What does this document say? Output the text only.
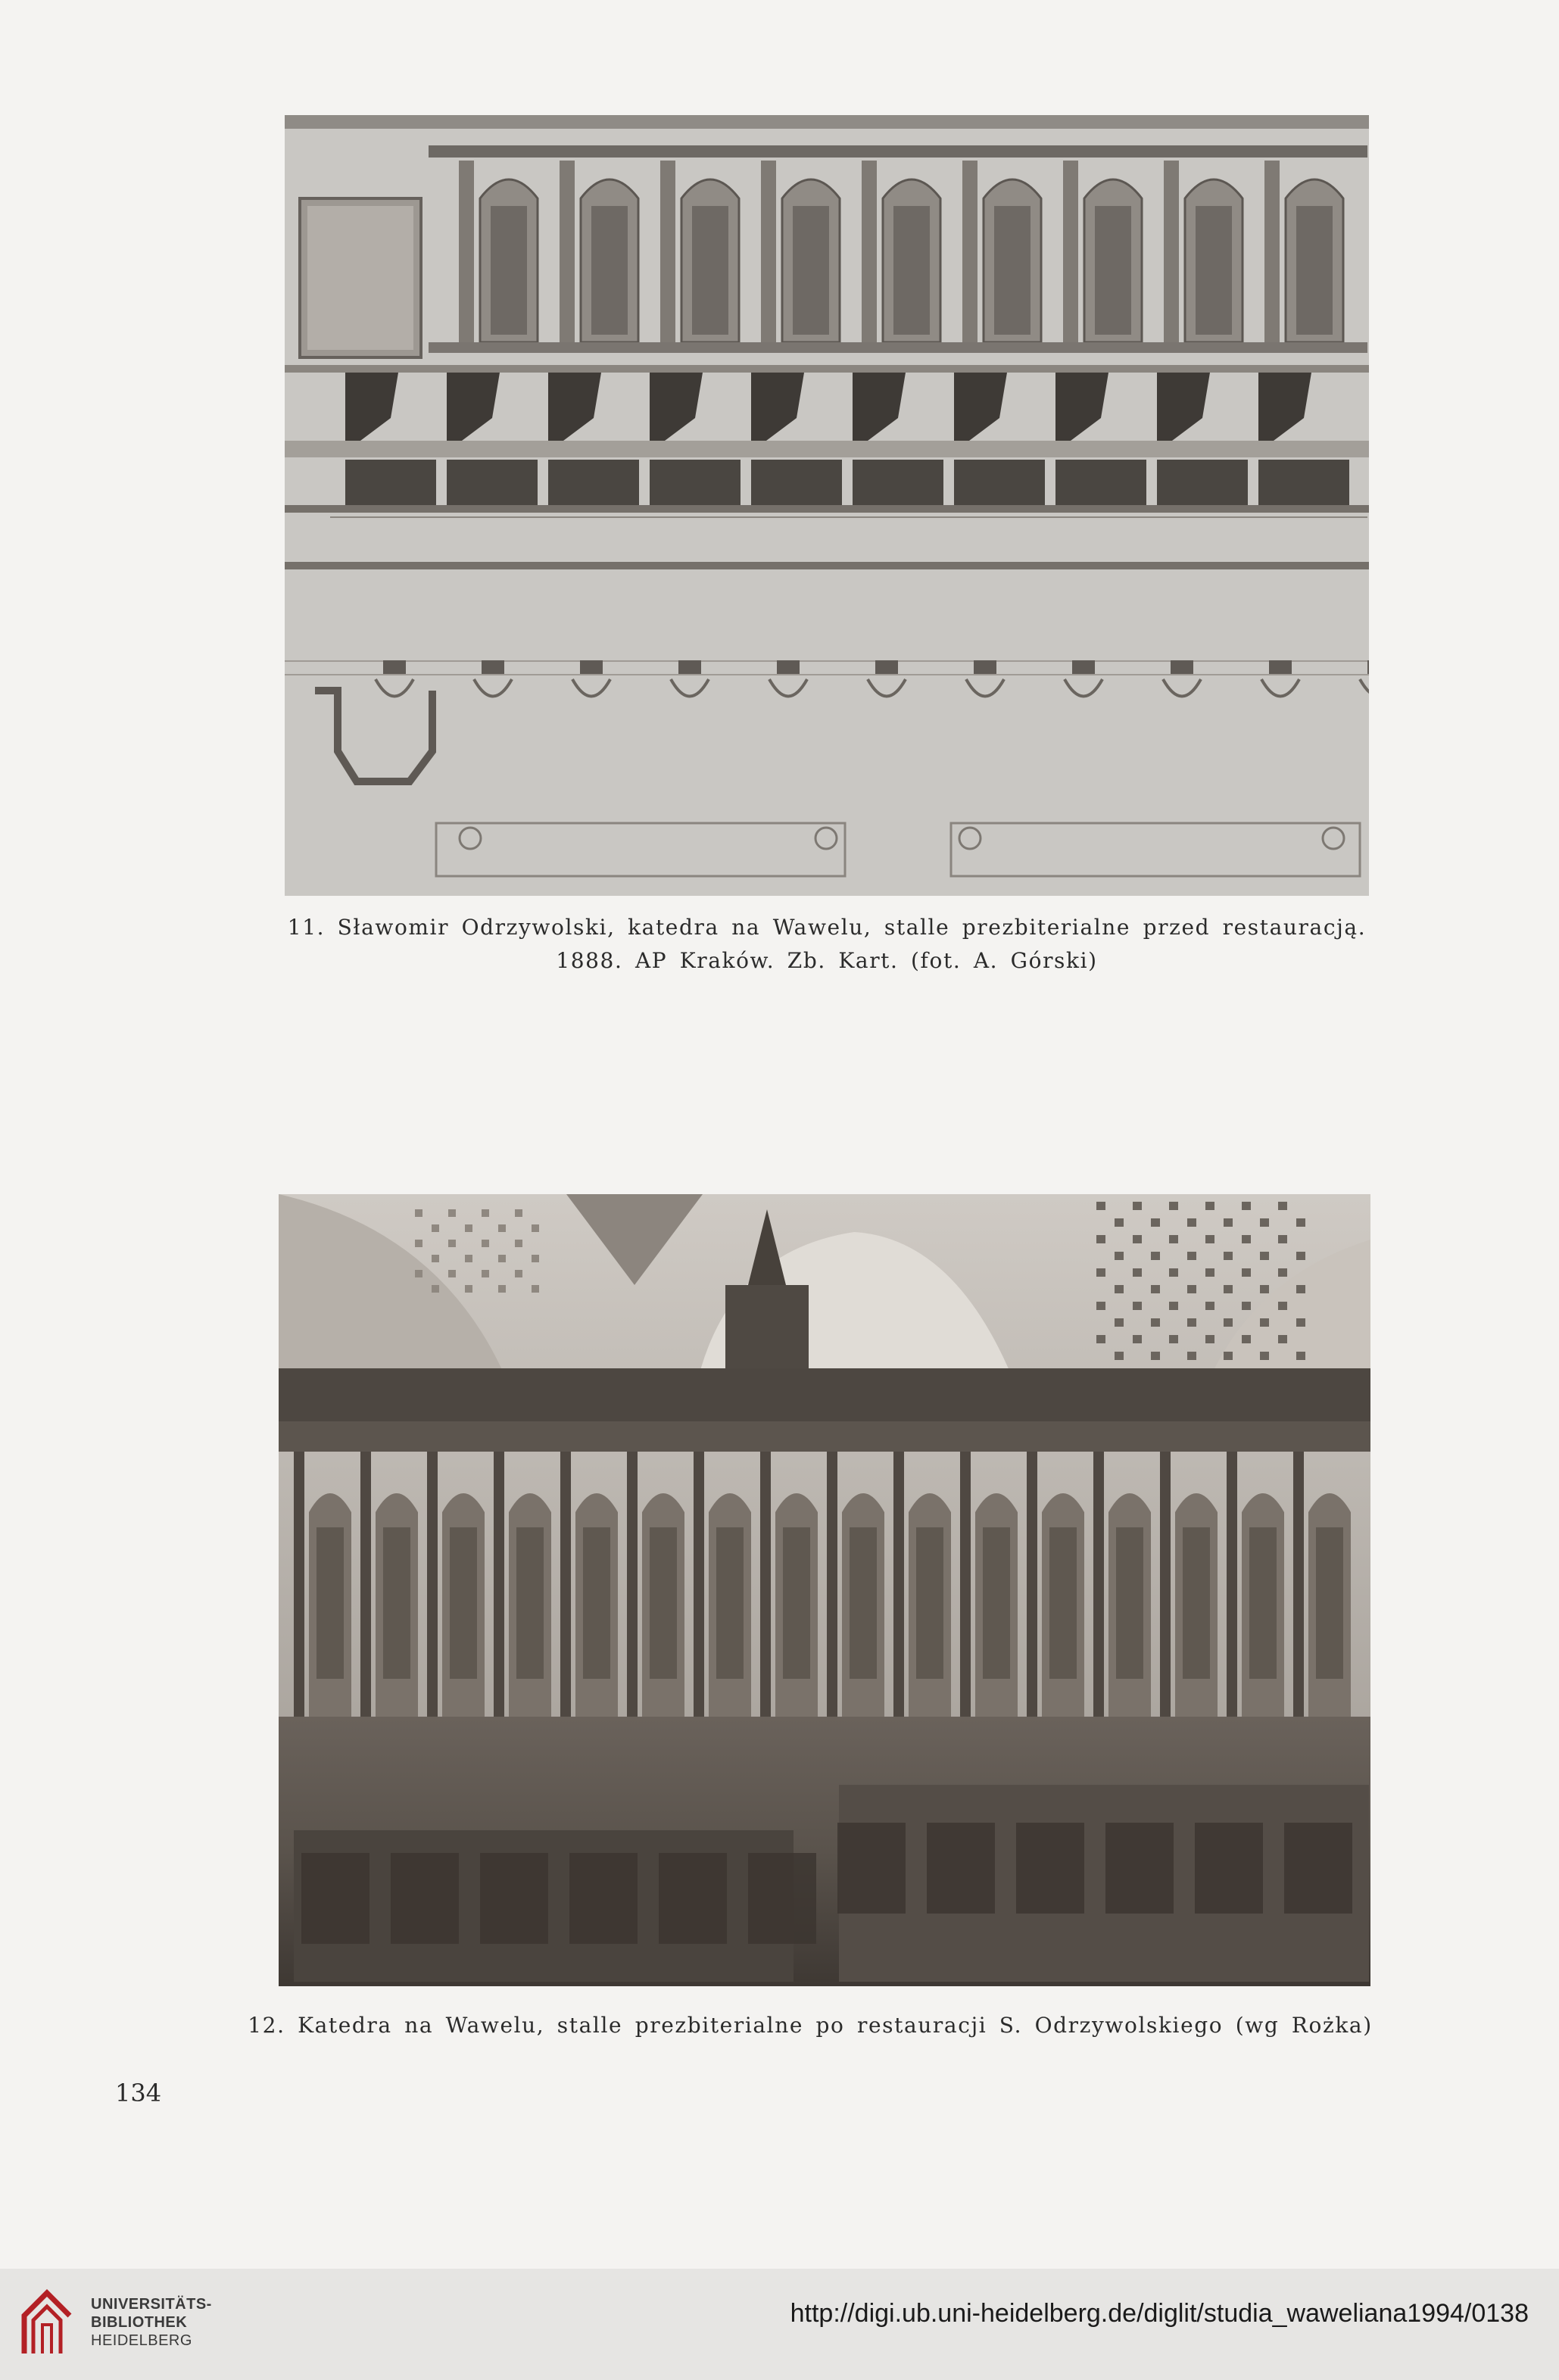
11. Sławomir Odrzywolski, katedra na Wawelu, stalle prezbiterialne przed restauracją.
1888. AP Kraków. Zb. Kart. (fot. A. Górski)
12. Katedra na Wawelu, stalle prezbiterialne po restauracji S. Odrzywolskiego (wg Rożka)
134
UNIVERSITÄTS-
BIBLIOTHEK
HEIDELBERG
http://digi.ub.uni-heidelberg.de/diglit/studia_waweliana1994/0138
